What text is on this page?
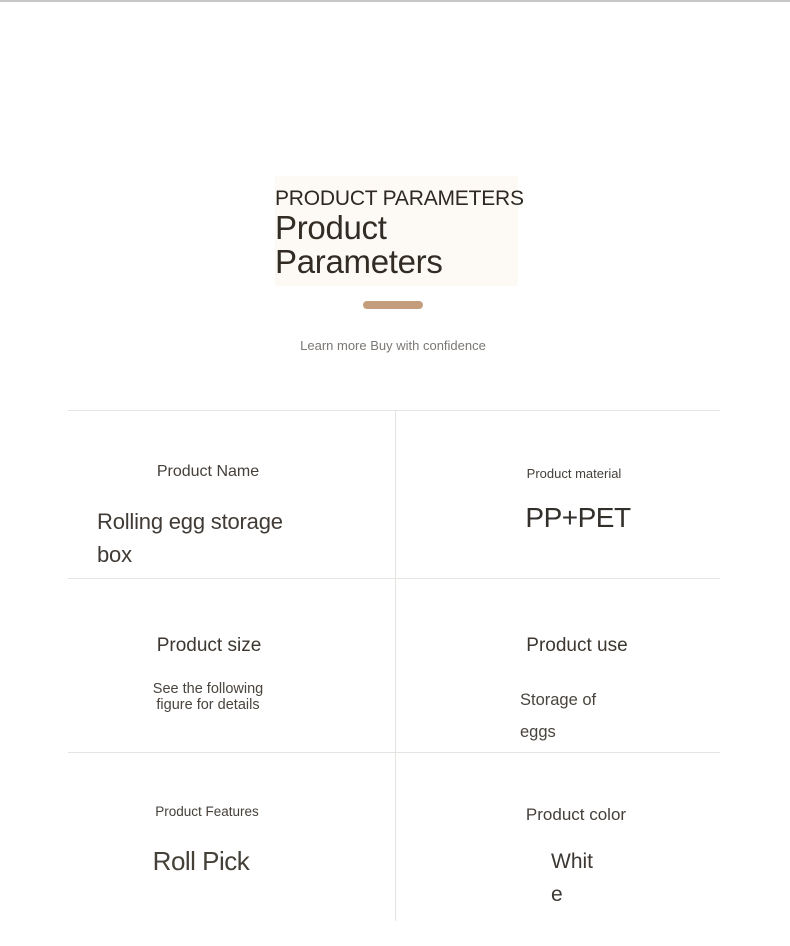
PRODUCT PARAMETERS
Product Parameters
Learn more Buy with confidence
Product Name
Rolling egg storage box
Product material
PP+PET
Product size
See the following figure for details
Product use
Storage of eggs
Product Features
Roll Pick
Product color
White
